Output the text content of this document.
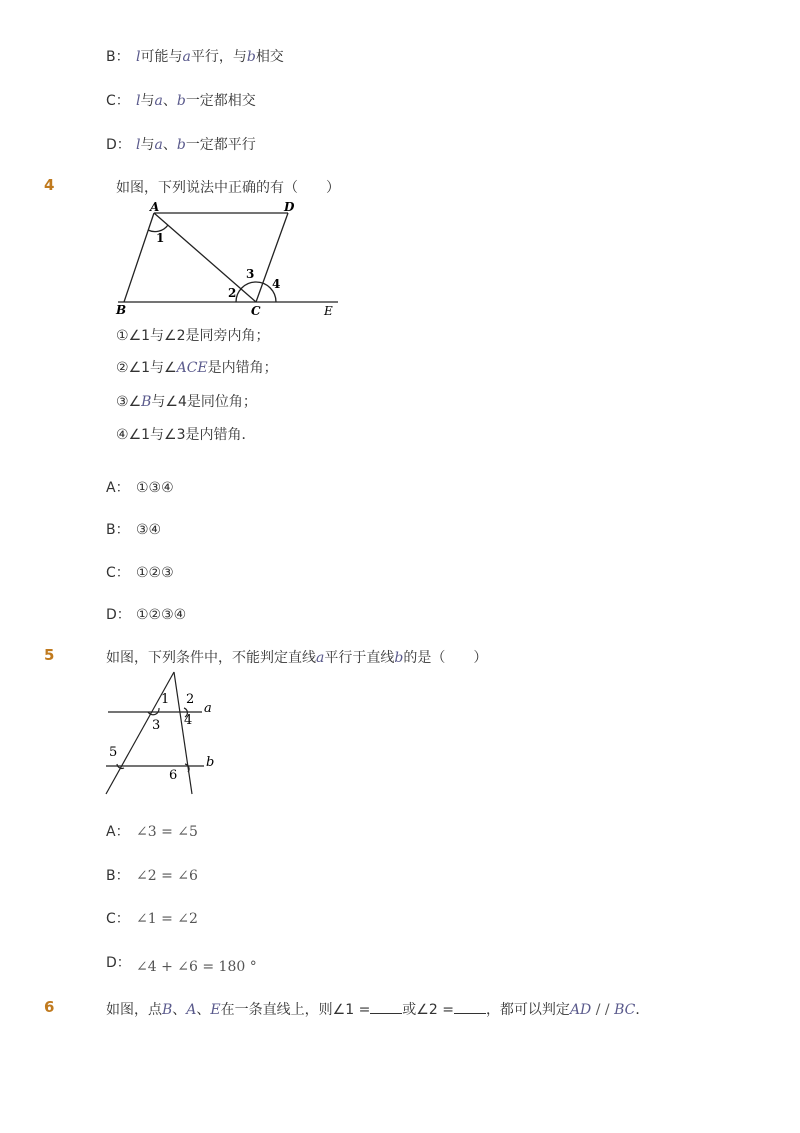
B： l可能与a平行，与b相交
C： l与a、b一定都相交
D： l与a、b一定都平行
4	如图，下列说法中正确的有（　　）
A	D
B	C	E
1
2
3
4
①∠1与∠2是同旁内角；
②∠1与∠ACE是内错角；
③∠B与∠4是同位角；
④∠1与∠3是内错角．
A： ①③④
B： ③④
C： ①②③
D： ①②③④
5	如图，下列条件中，不能判定直线a平行于直线b的是（　　）
1 2
3 4
5
6
a
b
A： ∠3 = ∠5
B： ∠2 = ∠6
C： ∠1 = ∠2
D： ∠4 + ∠6 = 180 °
6	如图，点B、A、E在一条直线上，则∠1 = 或∠2 = ，都可以判定AD / / BC．
